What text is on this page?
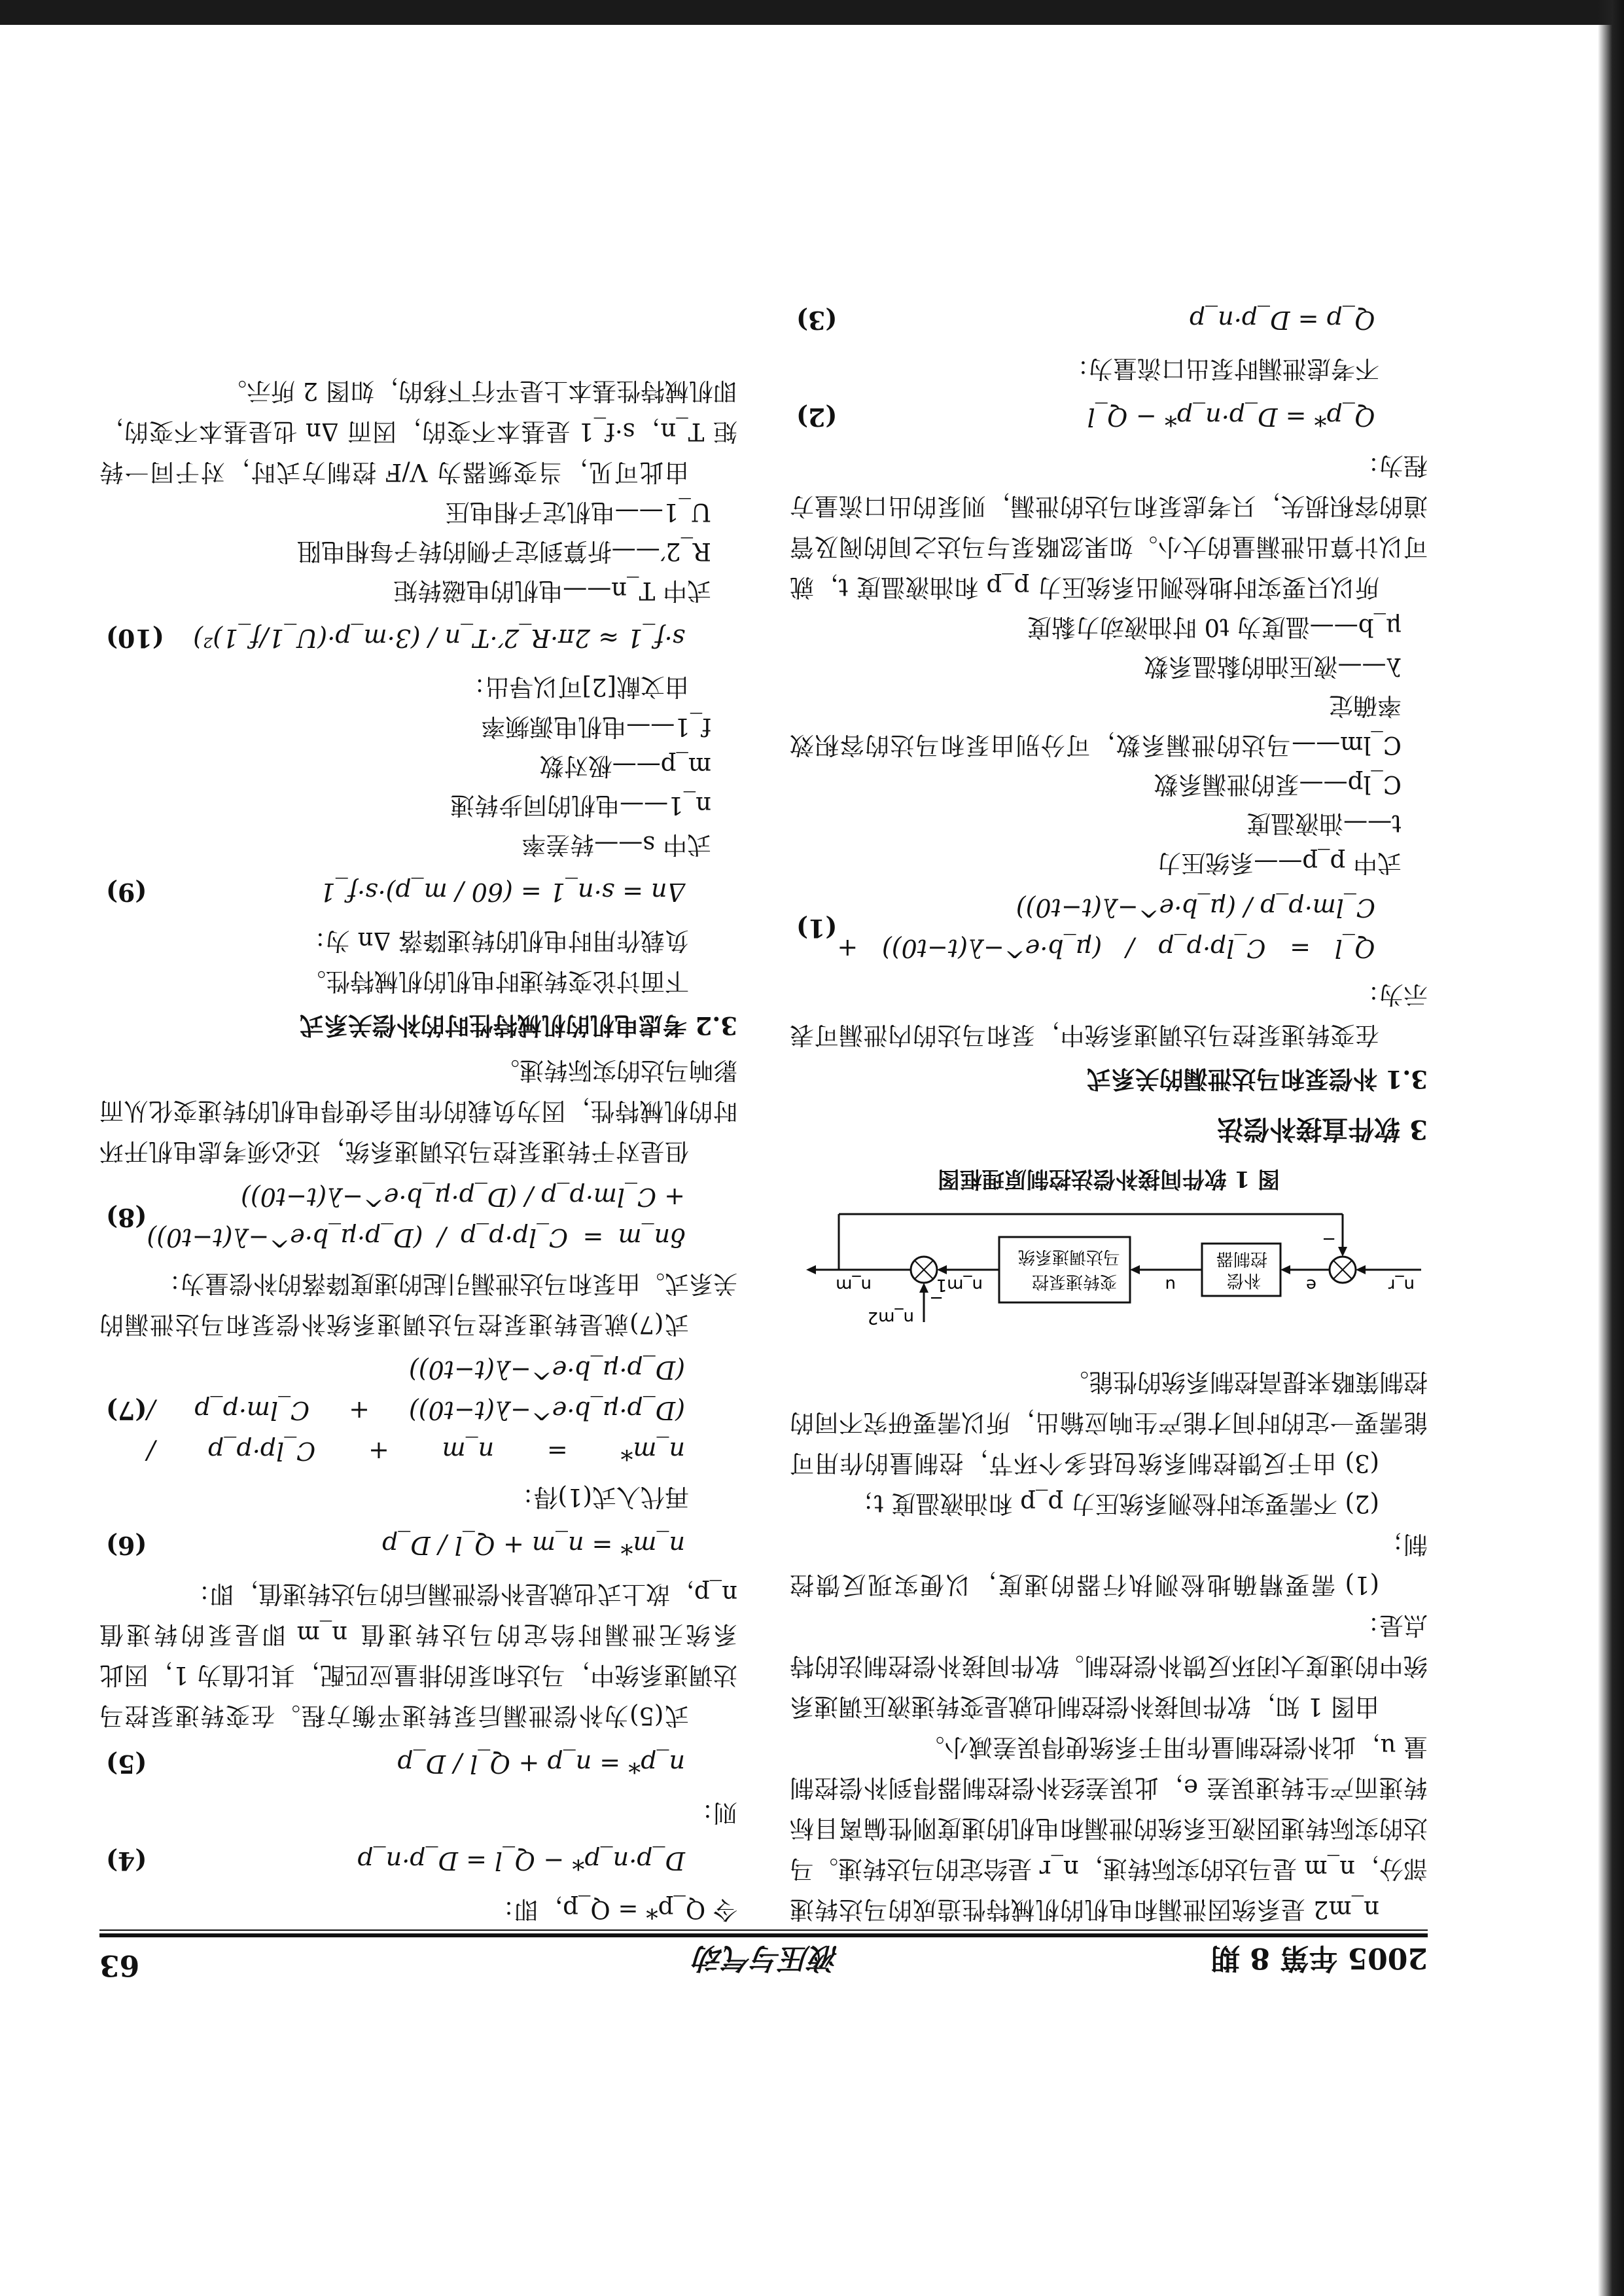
2005 年第 8 期
液压与气动
63

n_m2 是系统因泄漏和电机的机械特性造成的马达转速部分，n_m 是马达的实际转速，n_r 是给定的马达转速。马达的实际转速因液压系统的泄漏和电机的速度刚性偏离目标转速而产生转速误差 e，此误差经补偿控制器得到补偿控制量 u，此补偿控制量作用于系统使得误差减小。

由图 1 知，软件间接补偿控制也就是变转速液压调速系统中的速度大闭环反馈补偿控制。软件间接补偿控制法的特点是：

(1) 需要精确地检测执行器的速度，以便实现反馈控制；

(2) 不需要实时检测系统压力 p_p 和油液温度 t；

(3) 由于反馈控制系统包括多个环节，控制量的作用可能需要一定的时间才能产生响应输出，所以需要研究不同的控制策略来提高控制系统的性能。

n_r
−
e
补偿
控制器
u
变转速泵控
马达调速系统
n_m1
n_m2
−
n_m
图 1 软件间接补偿法控制原理框图
3 软件直接补偿法
3.1 补偿泵和马达泄漏的关系式

在变转速泵控马达调速系统中，泵和马达的内泄漏可表示为：

Q_l = C_lp·p_p / (μ_b·e^−λ(t−t0)) + C_lm·p_p / (μ_b·e^−λ(t−t0))
(1)
式中 p_p——系统压力
t——油液温度
C_lp——泵的泄漏系数
C_lm——马达的泄漏系数，可分别由泵和马达的容积效率确定
λ——液压油的黏温系数
μ_b——温度为 t0 时油液动力黏度

所以只要实时地检测出系统压力 p_p 和油液温度 t，就可以计算出泄漏量的大小。如果忽略泵与马达之间的阀及管道的容积损失，只考虑泵和马达的泄漏，则泵的出口流量方程为：

Q_p* = D_p·n_p* − Q_l
(2)

不考虑泄漏时泵出口流量为：

Q_p = D_p·n_p
(3)

令 Q_p* = Q_p，即：

D_p·n_p* − Q_l = D_p·n_p
(4)

则：

n_p* = n_p + Q_l / D_p
(5)

式(5)为补偿泄漏后泵转速平衡方程。在变转速泵控马达调速系统中，马达和泵的排量应匹配，其比值为 1，因此系统无泄漏时给定的马达转速值 n_m 即是泵的转速值 n_p，故上式也就是补偿泄漏后的马达转速值，即：

n_m* = n_m + Q_l / D_p
(6)

再代入式(1)得：

n_m* = n_m + C_lp·p_p / (D_p·μ_b·e^−λ(t−t0)) + C_lm·p_p / (D_p·μ_b·e^−λ(t−t0))
(7)

式(7)就是转速泵控马达调速系统补偿泵和马达泄漏的关系式。由泵和马达泄漏引起的速度降落的补偿量为：

δn_m = C_lp·p_p / (D_p·μ_b·e^−λ(t−t0)) + C_lm·p_p / (D_p·μ_b·e^−λ(t−t0))
(8)

但是对于转速泵控马达调速系统，还必须考虑电机开环时的机械特性，因为负载的作用会使得电机的转速变化从而影响马达的实际转速。

3.2 考虑电机的机械特性时的补偿关系式

下面讨论变转速时电机的机械特性。

负载作用时电机的转速降落 Δn 为：

Δn = s·n_1 = (60 / m_p)·s·f_1
(9)
式中 s——转差率
n_1——电机的同步转速
m_p——极对数
f_1——电机电源频率

由文献[2]可以导出：

s·f_1 ≈ 2π·R_2′·T_n / (3·m_p·(U_1/f_1)²)
(10)
式中 T_n——电机的电磁转矩
R_2′——折算到定子侧的转子每相电阻
U_1——电机定子相电压

由此可见，当变频器为 V/F 控制方式时，对于同一转矩 T_n，s·f_1 是基本不变的，因而 Δn 也是基本不变的，即机械特性基本上是平行下移的，如图 2 所示。
